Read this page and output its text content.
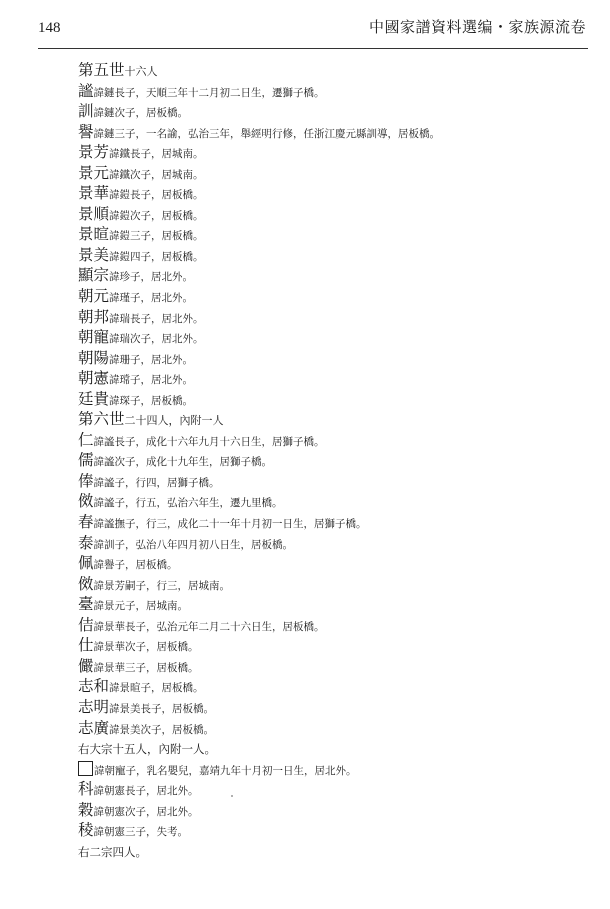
148	中國家譜資料選编・家族源流卷
第五世十六人
謐諱鏈長子，天順三年十二月初二日生，遷獅子橋。
訓諱鏈次子，居板橋。
譽諱鏈三子，一名諭，弘治三年，舉經明行修，任浙江慶元縣訓導，居板橋。
景芳諱鐵長子，居城南。
景元諱鐵次子，居城南。
景華諱鎧長子，居板橋。
景順諱鎧次子，居板橋。
景暄諱鎧三子，居板橋。
景美諱鎧四子，居板橋。
顯宗諱珍子，居北外。
朝元諱瑾子，居北外。
朝邦諱瑞長子，居北外。
朝寵諱瑞次子，居北外。
朝陽諱珊子，居北外。
朝憲諱瑺子，居北外。
廷貴諱琛子，居板橋。
第六世二十四人，內附一人
仁諱謐長子，成化十六年九月十六日生，居獅子橋。
儒諱謐次子，成化十九年生，居獅子橋。
俸諱謐子，行四，居獅子橋。
傚諱謐子，行五，弘治六年生，遷九里橋。
春諱謐撫子，行三，成化二十一年十月初一日生，居獅子橋。
泰諱訓子，弘治八年四月初八日生，居板橋。
佩諱譽子，居板橋。
傚諱景芳嗣子，行三，居城南。
臺諱景元子，居城南。
佶諱景華長子，弘治元年二月二十六日生，居板橋。
仕諱景華次子，居板橋。
儼諱景華三子，居板橋。
志和諱景暄子，居板橋。
志明諱景美長子，居板橋。
志廣諱景美次子，居板橋。
右大宗十五人，內附一人。
諱朝寵子，乳名嬰兒，嘉靖九年十月初一日生，居北外。
科諱朝憲長子，居北外。
穀諱朝憲次子，居北外。
稜諱朝憲三子，失考。
右二宗四人。
